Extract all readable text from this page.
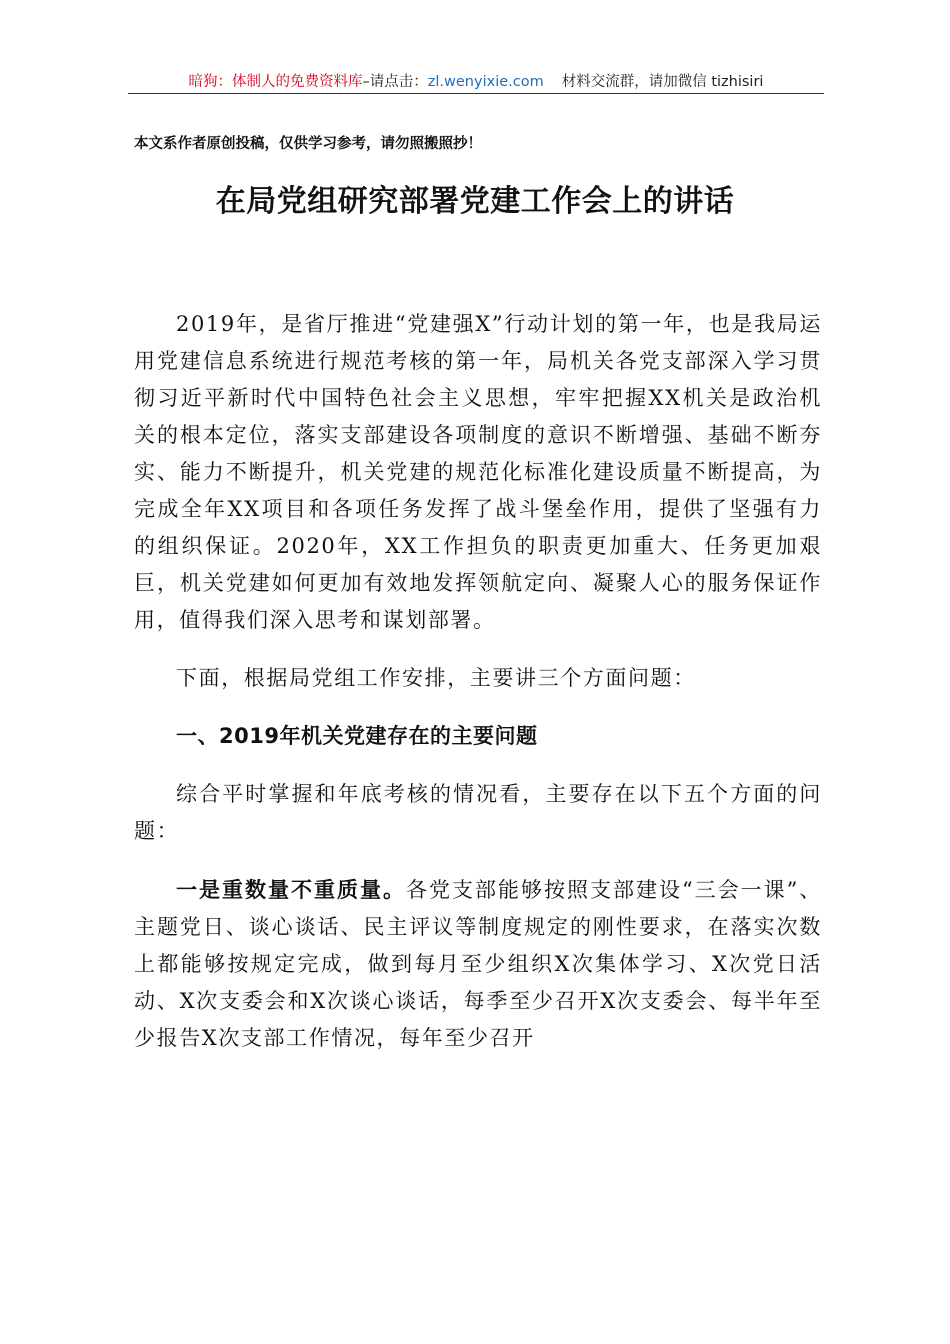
暗狗：体制人的免费资料库–请点击：zl.wenyixie.com 材料交流群，请加微信 tizhisiri
本文系作者原创投稿，仅供学习参考，请勿照搬照抄！
在局党组研究部署党建工作会上的讲话

2019年，是省厅推进“党建强X”行动计划的第一年，也是我局运用党建信息系统进行规范考核的第一年，局机关各党支部深入学习贯彻习近平新时代中国特色社会主义思想，牢牢把握XX机关是政治机关的根本定位，落实支部建设各项制度的意识不断增强、基础不断夯实、能力不断提升，机关党建的规范化标准化建设质量不断提高，为完成全年XX项目和各项任务发挥了战斗堡垒作用，提供了坚强有力的组织保证。2020年，XX工作担负的职责更加重大、任务更加艰巨，机关党建如何更加有效地发挥领航定向、凝聚人心的服务保证作用，值得我们深入思考和谋划部署。

下面，根据局党组工作安排，主要讲三个方面问题：

一、2019年机关党建存在的主要问题

综合平时掌握和年底考核的情况看，主要存在以下五个方面的问题：

一是重数量不重质量。各党支部能够按照支部建设“三会一课”、主题党日、谈心谈话、民主评议等制度规定的刚性要求，在落实次数上都能够按规定完成，做到每月至少组织X次集体学习、X次党日活动、X次支委会和X次谈心谈话，每季至少召开X次支委会、每半年至少报告X次支部工作情况，每年至少召开
